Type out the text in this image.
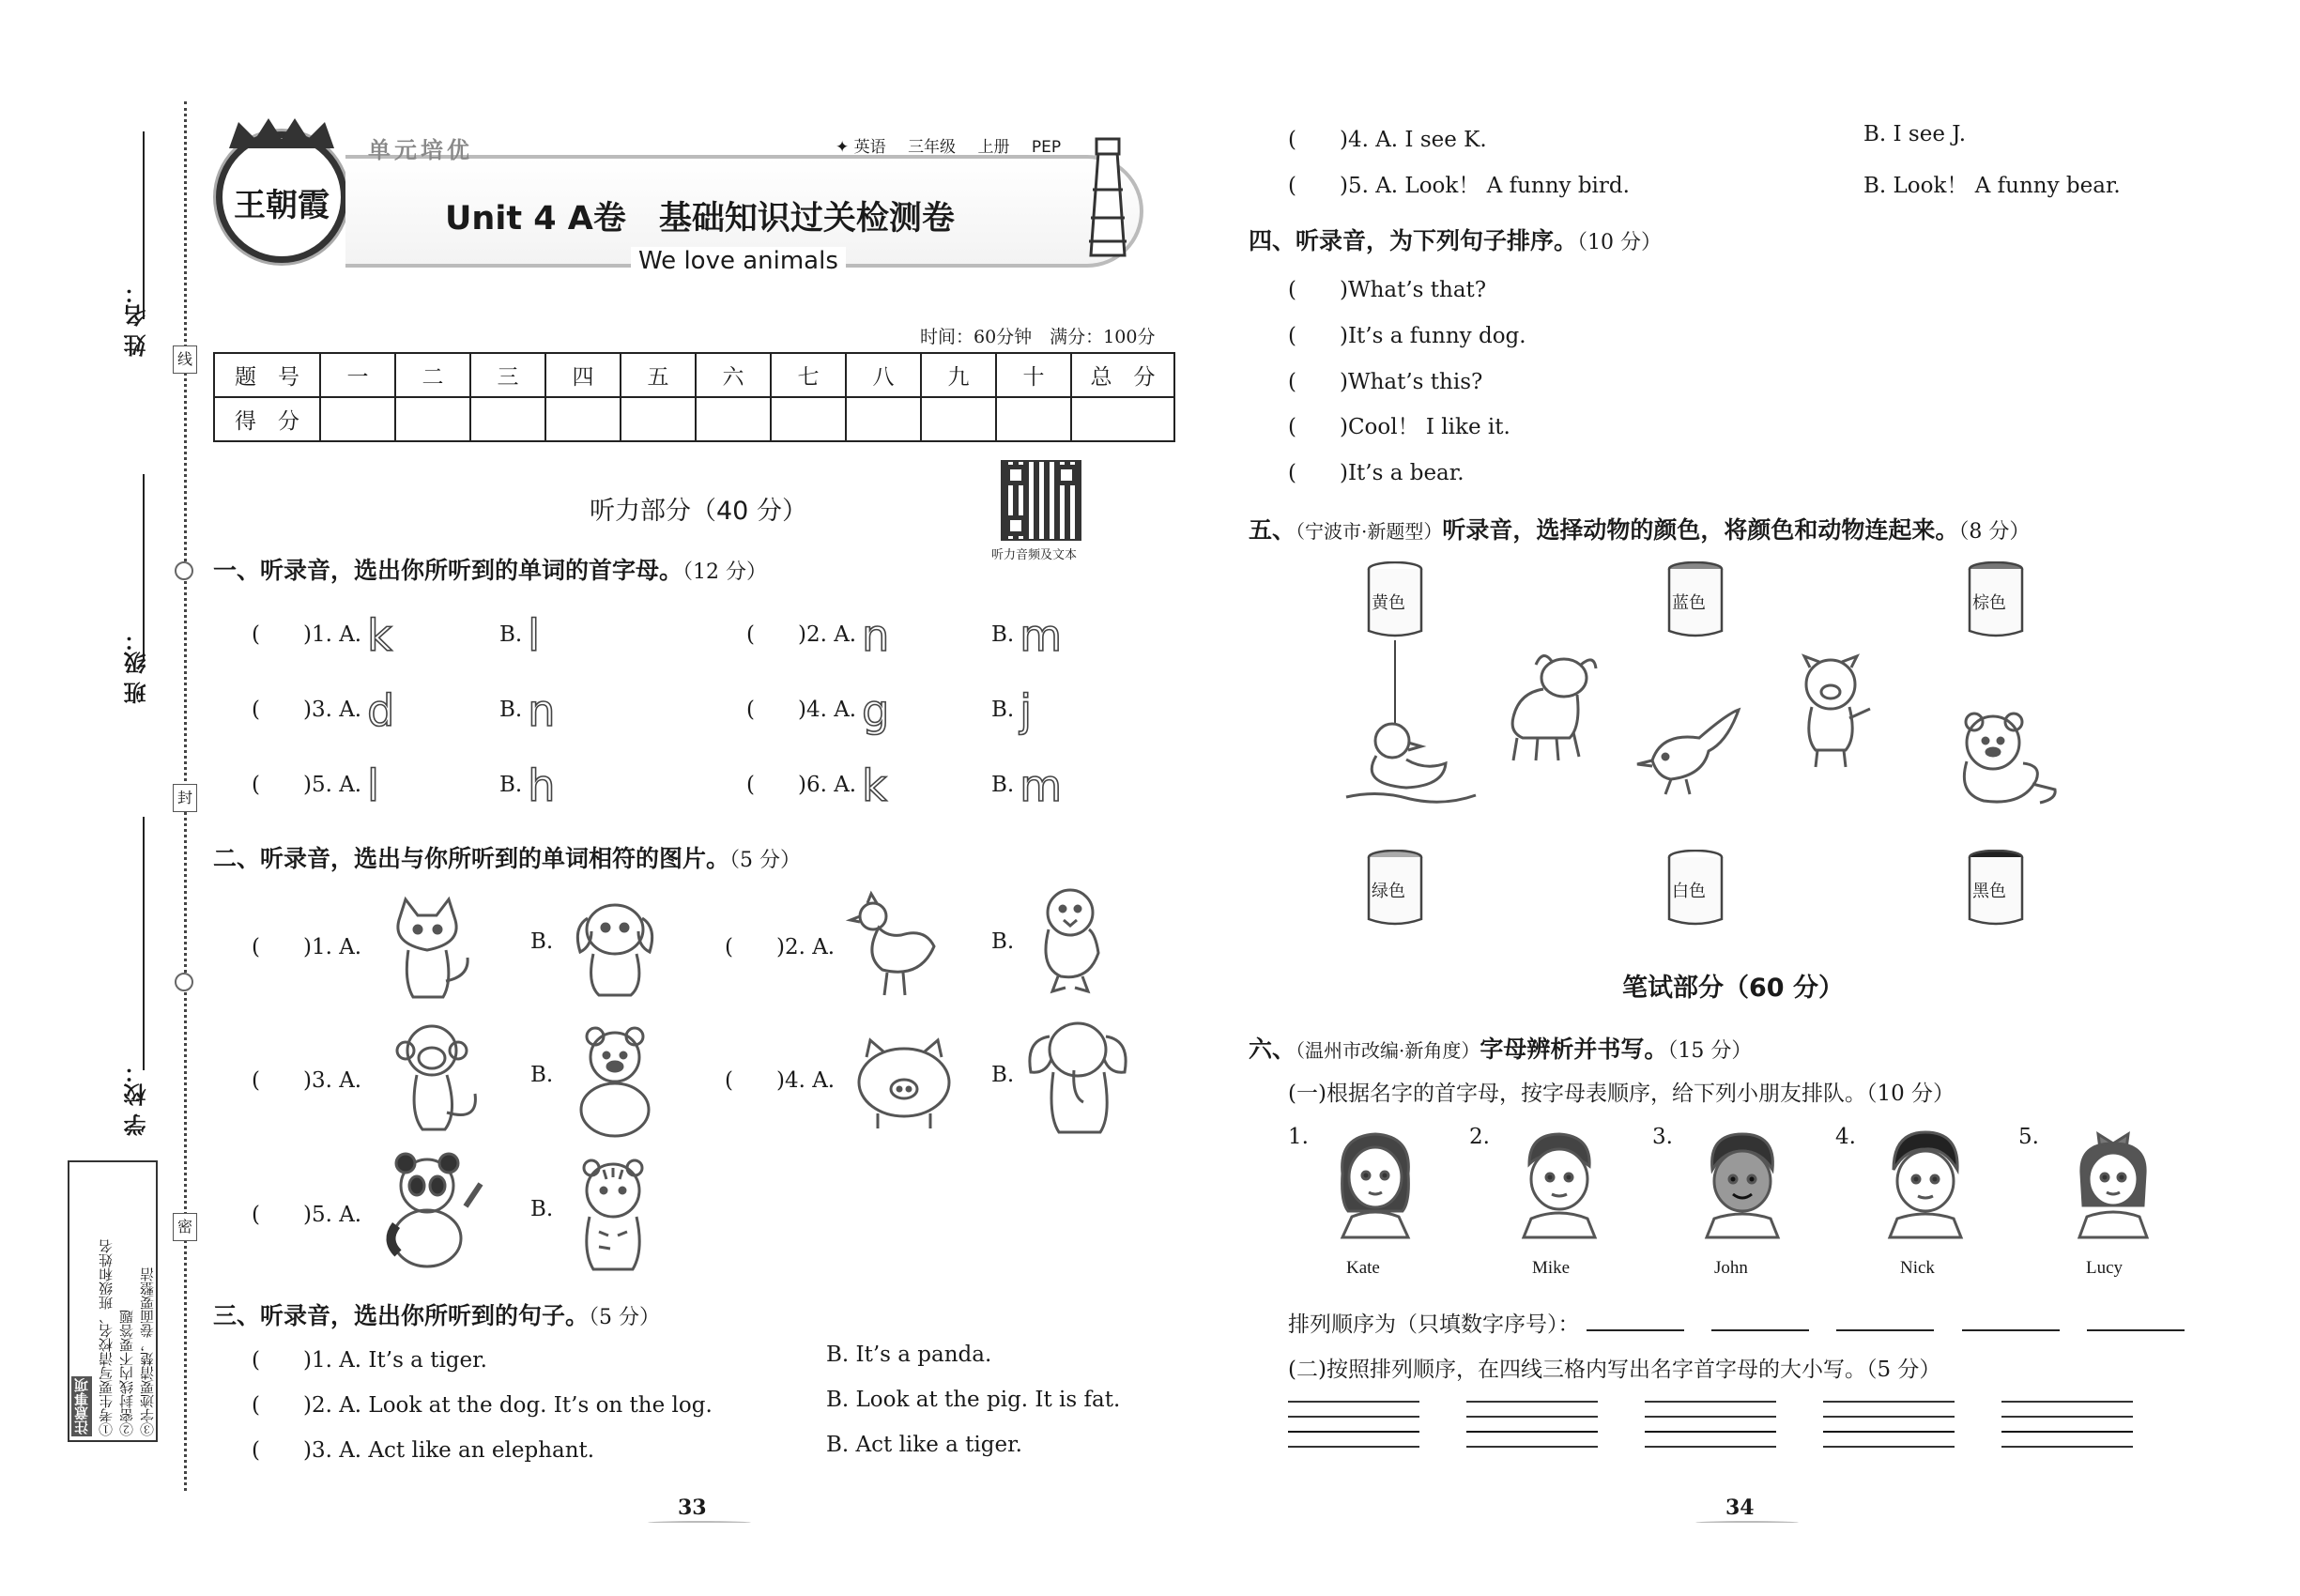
姓 名：
班 级：
学 校：
线
封
密
注意事项 ①考生要写清校名、班级和姓名 ②密封线内不要答题 ③字迹要清楚，卷面要整洁
王朝霞
单元培优	✦ 英语 三年级 上册 PEP
Unit 4 A卷　基础知识过关检测卷
We love animals
时间：60分钟　满分：100分
题　号	一	二	三	四	五	六	七	八	九	十	总　分
得　分											
听力部分（40 分）
听力音频及文本
一、听录音，选出你所听到的单词的首字母。（12 分）
(　　)1. A. k	B. l	(　　)2. A. n	B. m
(　　)3. A. d	B. n	(　　)4. A. g	B. j
(　　)5. A. l	B. h	(　　)6. A. k	B. m
二、听录音，选出与你所听到的单词相符的图片。（5 分）
(　　)1. A.	B.	(　　)2. A.	B.
(　　)3. A.	B.	(　　)4. A.	B.
(　　)5. A.	B.
三、听录音，选出你所听到的句子。（5 分）
(　　)1. A. It’s a tiger.	B. It’s a panda.
(　　)2. A. Look at the dog. It’s on the log.	B. Look at the pig. It is fat.
(　　)3. A. Act like an elephant.	B. Act like a tiger.
33
(　　)4. A. I see K.	B. I see J.
(　　)5. A. Look！ A funny bird.	B. Look！ A funny bear.
四、听录音，为下列句子排序。（10 分）
(　　)What’s that?
(　　)It’s a funny dog.
(　　)What’s this?
(　　)Cool！ I like it.
(　　)It’s a bear.
五、（宁波市·新题型）听录音，选择动物的颜色，将颜色和动物连起来。（8 分）
黄色	蓝色	棕色
绿色	白色	黑色
笔试部分（60 分）
六、（温州市改编·新角度）字母辨析并书写。（15 分）
(一)根据名字的首字母，按字母表顺序，给下列小朋友排队。（10 分）
1.
Kate
2.
Mike
3.
John
4.
Nick
5.
Lucy
排列顺序为（只填数字序号）：
(二)按照排列顺序，在四线三格内写出名字首字母的大小写。（5 分）
34
